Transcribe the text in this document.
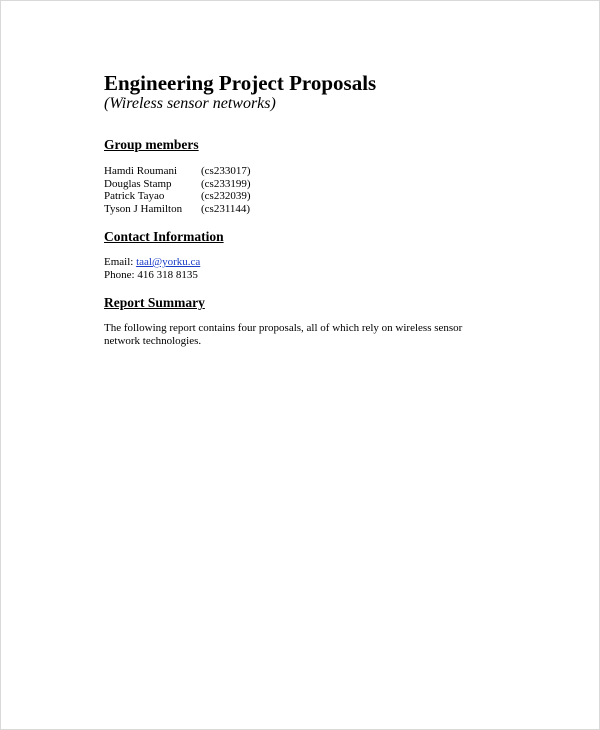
Engineering Project Proposals

(Wireless sensor networks)

Group members
Hamdi Roumani	(cs233017)
Douglas Stamp	(cs233199)
Patrick Tayao	(cs232039)
Tyson J Hamilton	(cs231144)
Contact Information
Email: taal@yorku.ca
Phone: 416 318 8135
Report Summary

The following report contains four proposals, all of which rely on wireless sensor network technologies.
